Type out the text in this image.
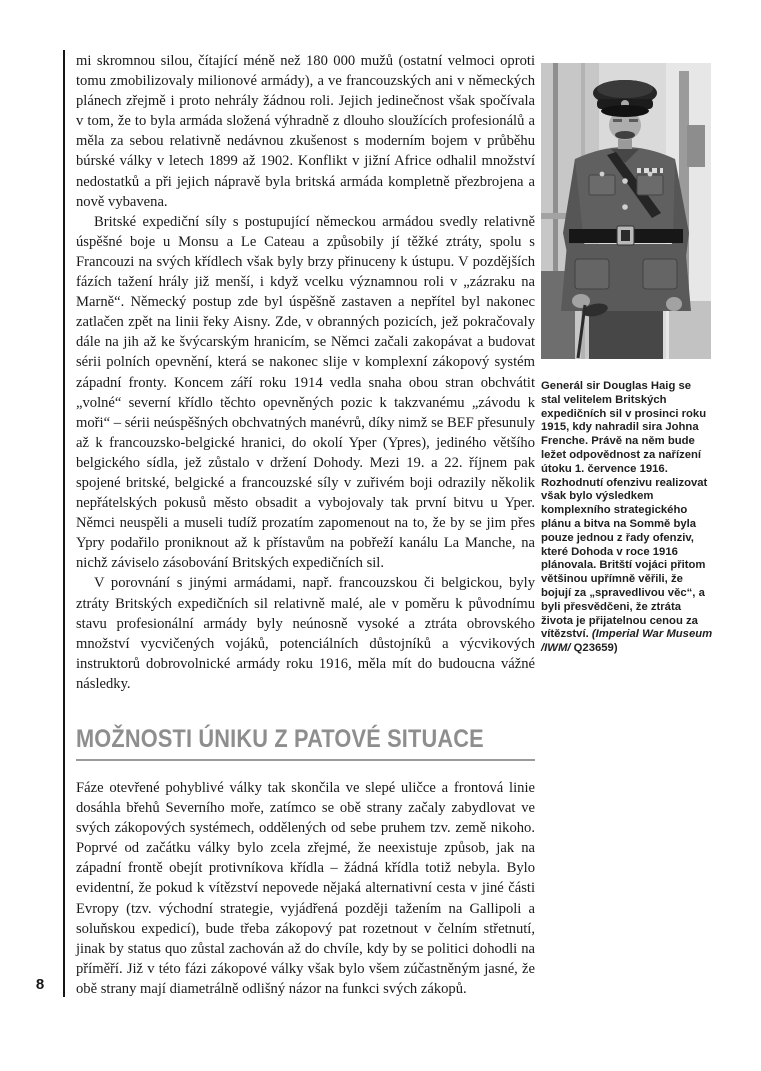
8

mi skromnou silou, čítající méně než 180 000 mužů (ostatní velmoci oproti tomu zmobilizovaly milionové armády), a ve francouzských ani v německých plánech zřejmě i proto nehrály žádnou roli. Jejich jedinečnost však spočívala v tom, že to byla armáda složená výhradně z dlouho sloužících profesionálů a měla za sebou relativně nedávnou zkušenost s moderním bojem v průběhu búrské války v letech 1899 až 1902. Konflikt v jižní Africe odhalil množství nedostatků a při jejich nápravě byla britská armáda kompletně přezbrojena a nově vybavena.

Britské expediční síly s postupující německou armádou svedly relativně úspěšné boje u Monsu a Le Cateau a způsobily jí těžké ztráty, spolu s Francouzi na svých křídlech však byly brzy přinuceny k ústupu. V pozdějších fázích tažení hrály již menší, i když vcelku významnou roli v „zázraku na Marně“. Německý postup zde byl úspěšně zastaven a nepřítel byl nakonec zatlačen zpět na linii řeky Aisny. Zde, v obranných pozicích, jež pokračovaly dále na jih až ke švýcarským hranicím, se Němci začali zakopávat a budovat sérii polních opevnění, která se nakonec slije v komplexní zákopový systém západní fronty. Koncem září roku 1914 vedla snaha obou stran obchvátit „volné“ severní křídlo těchto opevněných pozic k takzvanému „závodu k moři“ – sérii neúspěšných obchvatných manévrů, díky nimž se BEF přesunuly až k francouzsko-belgické hranici, do okolí Yper (Ypres), jediného většího belgického sídla, jež zůstalo v držení Dohody. Mezi 19. a 22. říjnem pak spojené britské, belgické a francouzské síly v zuřivém boji odrazily několik nepřátelských pokusů město obsadit a vybojovaly tak první bitvu u Yper. Němci neuspěli a museli tudíž prozatím zapomenout na to, že by se jim přes Ypry podařilo proniknout až k přístavům na pobřeží kanálu La Manche, na nichž záviselo zásobování Britských expedičních sil.

V porovnání s jinými armádami, např. francouzskou či belgickou, byly ztráty Britských expedičních sil relativně malé, ale v poměru k původnímu stavu profesionální armády byly neúnosně vysoké a ztráta obrovského množství vycvičených vojáků, potenciálních důstojníků a výcvikových instruktorů dobrovolnické armády roku 1916, měla mít do budoucna vážné následky.

MOŽNOSTI ÚNIKU Z PATOVÉ SITUACE

Fáze otevřené pohyblivé války tak skončila ve slepé uličce a frontová linie dosáhla břehů Severního moře, zatímco se obě strany začaly zabydlovat ve svých zákopových systémech, oddělených od sebe pruhem tzv. země nikoho. Poprvé od začátku války bylo zcela zřejmé, že neexistuje způsob, jak na západní frontě obejít protivníkova křídla – žádná křídla totiž nebyla. Bylo evidentní, že pokud k vítězství nepovede nějaká alternativní cesta v jiné části Evropy (tzv. východní strategie, vyjádřená později tažením na Gallipoli a soluňskou expedicí), bude třeba zákopový pat rozetnout v čelním střetnutí, jinak by status quo zůstal zachován až do chvíle, kdy by se politici dohodli na příměří. Již v této fázi zákopové války však bylo všem zúčastněným jasné, že obě strany mají diametrálně odlišný názor na funkci svých zákopů.

Generál sir Douglas Haig se stal velitelem Britských expedičních sil v prosinci roku 1915, kdy nahradil sira Johna Frenche. Právě na něm bude ležet odpovědnost za nařízení útoku 1. července 1916. Rozhodnutí ofenzivu realizovat však bylo výsledkem komplexního strategického plánu a bitva na Sommě byla pouze jednou z řady ofenziv, které Dohoda v roce 1916 plánovala. Britští vojáci přitom většinou upřímně věřili, že bojují za „spravedlivou věc“, a byli přesvědčeni, že ztráta života je přijatelnou cenou za vítězství. (Imperial War Museum /IWM/ Q23659)
